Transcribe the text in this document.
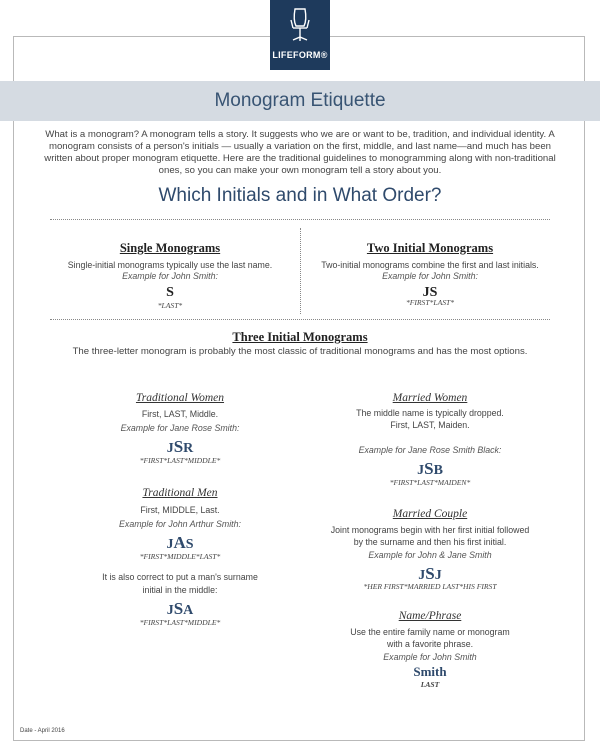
LIFEFORM®
Monogram Etiquette
What is a monogram? A monogram tells a story. It suggests who we are or want to be, tradition, and individual identity. A monogram consists of a person's initials — usually a variation on the first, middle, and last name—and much has been written about proper monogram etiquette. Here are the traditional guidelines to monogramming along with non-traditional ones, so you can make your own monogram tell a story about you.
Which Initials and in What Order?
Single Monograms
Single-initial monograms typically use the last name.
Example for John Smith:
S
*LAST*
Two Initial Monograms
Two-initial monograms combine the first and last initials.
Example for John Smith:
JS
*FIRST*LAST*
Three Initial Monograms
The three-letter monogram is probably the most classic of traditional monograms and has the most options.
Traditional Women
First, LAST, Middle.
Example for Jane Rose Smith:
JSR
*FIRST*LAST*MIDDLE*
Traditional Men
First, MIDDLE, Last.
Example for John Arthur Smith:
JAS
*FIRST*MIDDLE*LAST*
It is also correct to put a man's surname
initial in the middle:
JSA
*FIRST*LAST*MIDDLE*
Married Women
The middle name is typically dropped.
First, LAST, Maiden.
Example for Jane Rose Smith Black:
JSB
*FIRST*LAST*MAIDEN*
Married Couple
Joint monograms begin with her first initial followed
by the surname and then his first initial.
Example for John & Jane Smith
JSJ
*HER FIRST*MARRIED LAST*HIS FIRST
Name/Phrase
Use the entire family name or monogram
with a favorite phrase.
Example for John Smith
Smith
LAST
Date - April 2016
